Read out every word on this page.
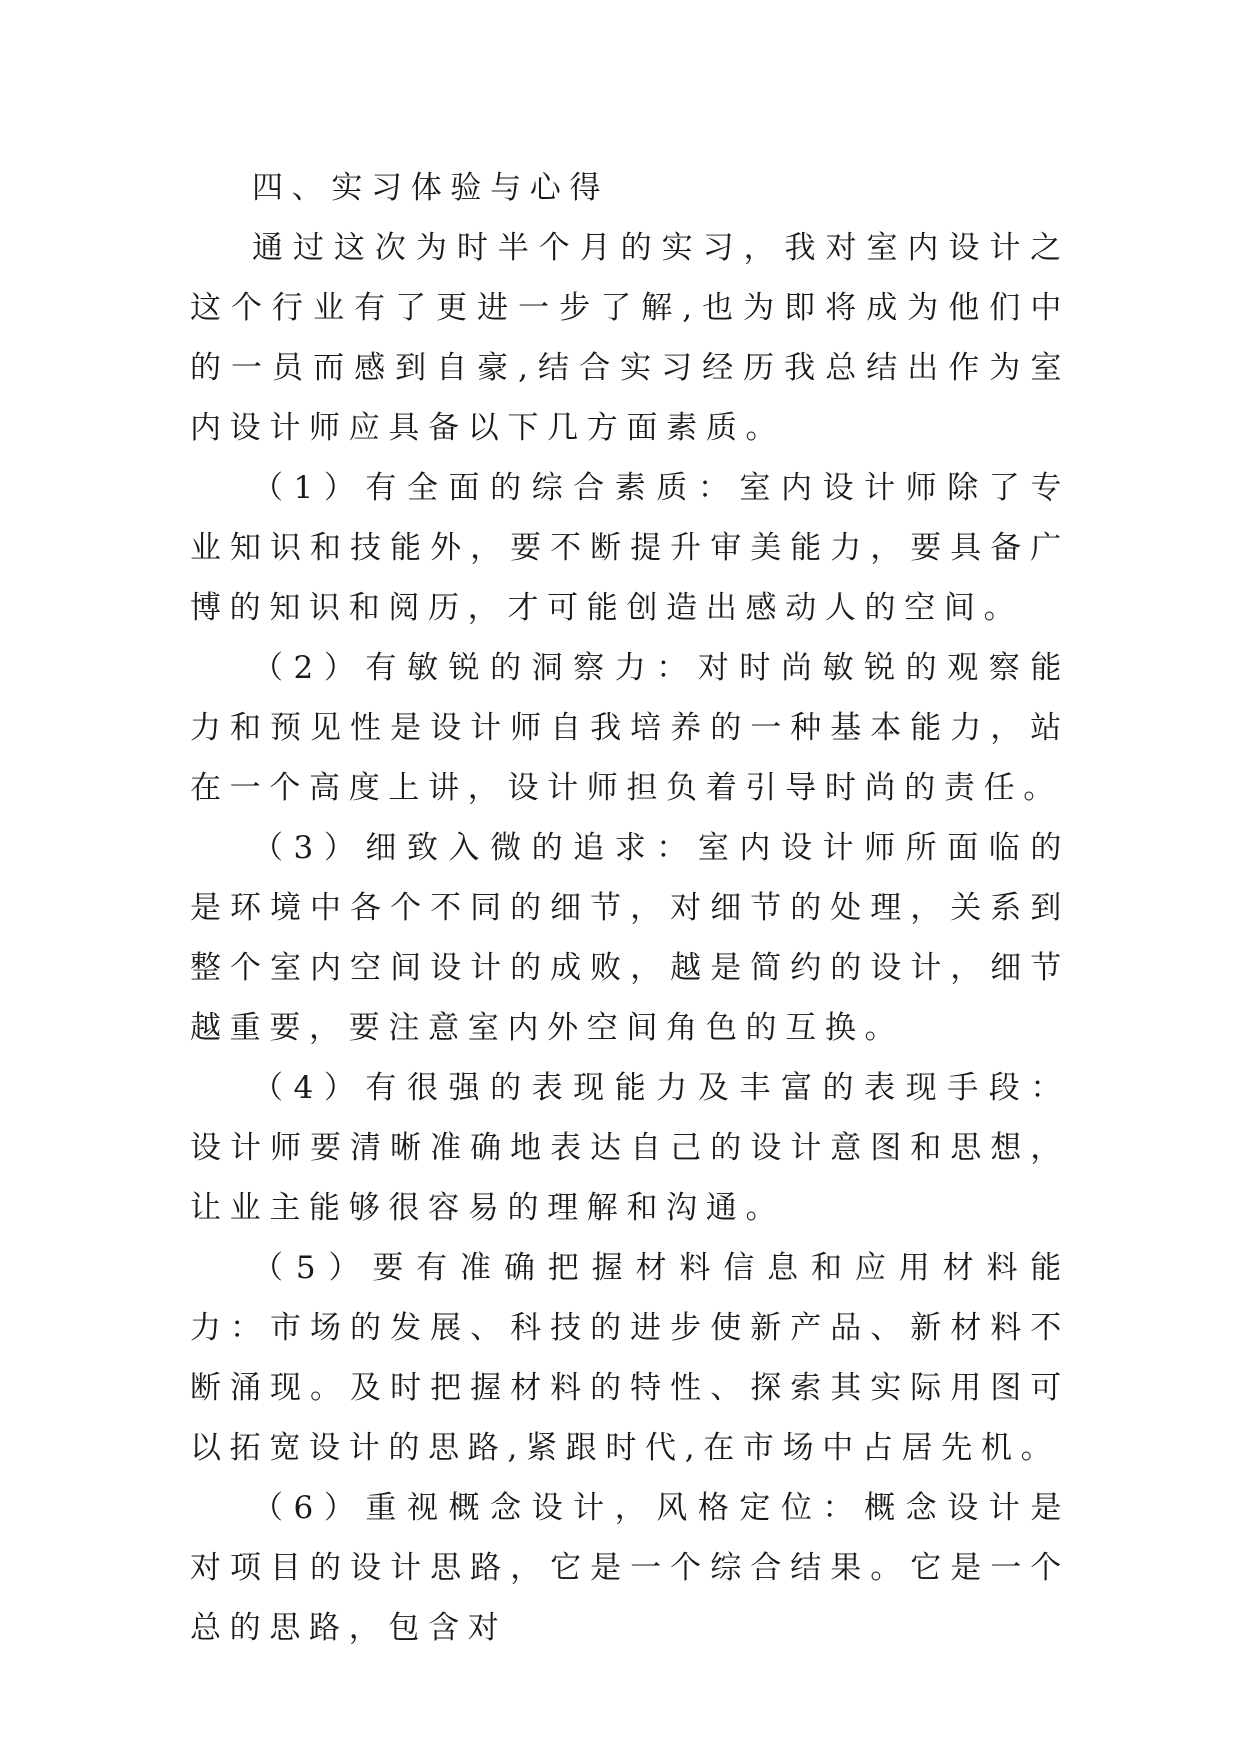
四、实习体验与心得

通过这次为时半个月的实习，我对室内设计之这个行业有了更进一步了解,也为即将成为他们中的一员而感到自豪,结合实习经历我总结出作为室内设计师应具备以下几方面素质。

（1）有全面的综合素质：室内设计师除了专业知识和技能外，要不断提升审美能力，要具备广博的知识和阅历，才可能创造出感动人的空间。

（2）有敏锐的洞察力：对时尚敏锐的观察能力和预见性是设计师自我培养的一种基本能力，站在一个高度上讲，设计师担负着引导时尚的责任。

（3）细致入微的追求：室内设计师所面临的是环境中各个不同的细节，对细节的处理，关系到整个室内空间设计的成败，越是简约的设计，细节越重要，要注意室内外空间角色的互换。

（4）有很强的表现能力及丰富的表现手段：设计师要清晰准确地表达自己的设计意图和思想，让业主能够很容易的理解和沟通。

（5）要有准确把握材料信息和应用材料能力：市场的发展、科技的进步使新产品、新材料不断涌现。及时把握材料的特性、探索其实际用图可以拓宽设计的思路,紧跟时代,在市场中占居先机。

（6）重视概念设计，风格定位：概念设计是对项目的设计思路，它是一个综合结果。它是一个总的思路，包含对
